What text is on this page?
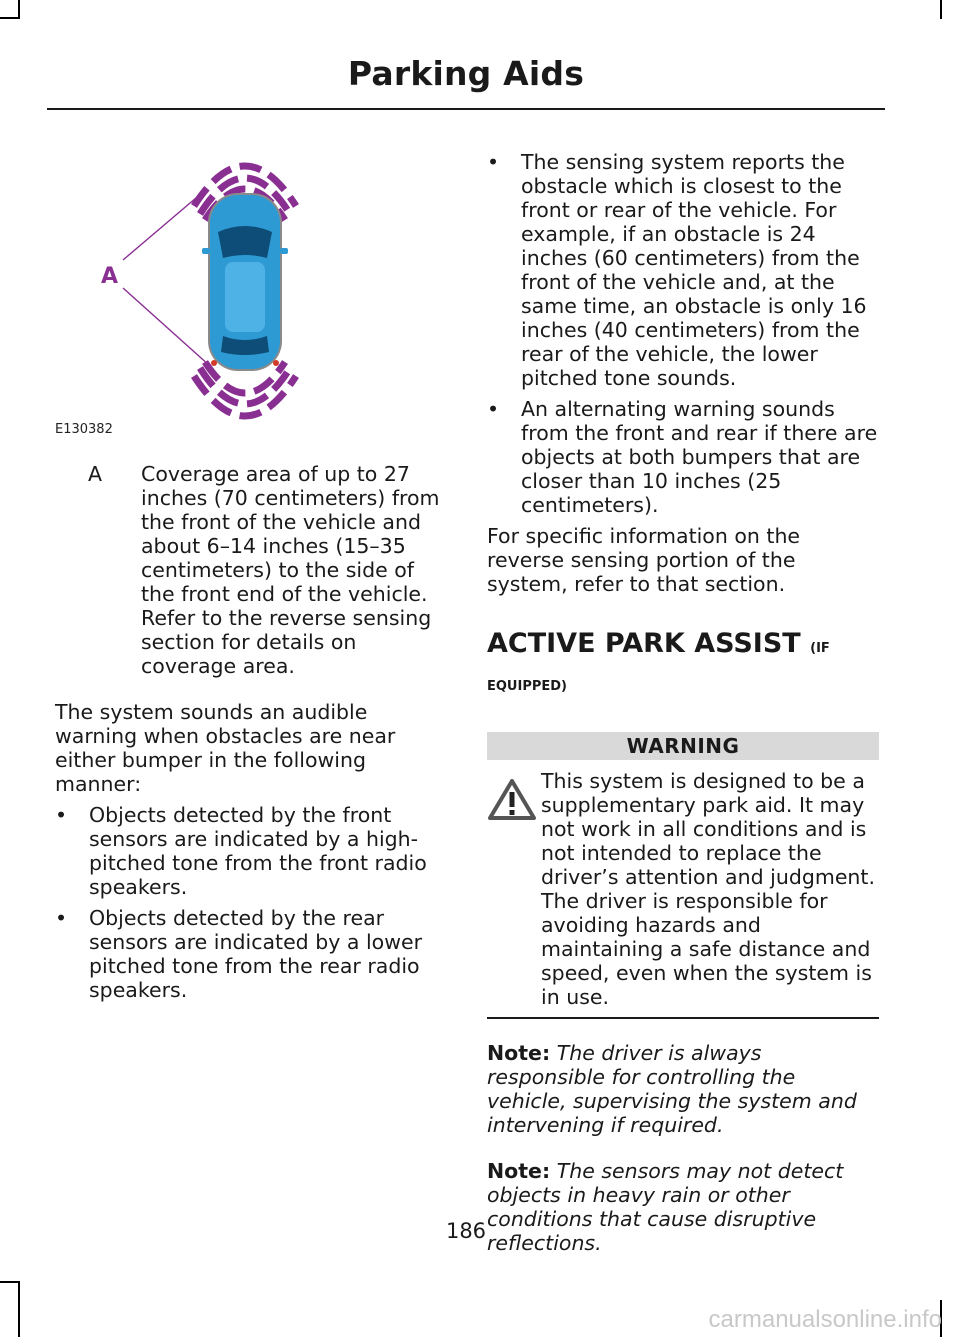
Parking Aids
A
E130382
A	Coverage area of up to 27 inches (70 centimeters) from the front of the vehicle and about 6–14 inches (15–35 centimeters) to the side of the front end of the vehicle. Refer to the reverse sensing section for details on coverage area.

The system sounds an audible warning when obstacles are near either bumper in the following manner:

• Objects detected by the front sensors are indicated by a high-pitched tone from the front radio speakers.
• Objects detected by the rear sensors are indicated by a lower pitched tone from the rear radio speakers.
• The sensing system reports the obstacle which is closest to the front or rear of the vehicle. For example, if an obstacle is 24 inches (60 centimeters) from the front of the vehicle and, at the same time, an obstacle is only 16 inches (40 centimeters) from the rear of the vehicle, the lower pitched tone sounds.
• An alternating warning sounds from the front and rear if there are objects at both bumpers that are closer than 10 inches (25 centimeters).

For specific information on the reverse sensing portion of the system, refer to that section.

ACTIVE PARK ASSIST (IF
EQUIPPED)
WARNING
This system is designed to be a supplementary park aid. It may not work in all conditions and is not intended to replace the driver’s attention and judgment. The driver is responsible for avoiding hazards and maintaining a safe distance and speed, even when the system is in use.

Note: The driver is always responsible for controlling the vehicle, supervising the system and intervening if required.

Note: The sensors may not detect objects in heavy rain or other conditions that cause disruptive reflections.

186
carmanualsonline.info
